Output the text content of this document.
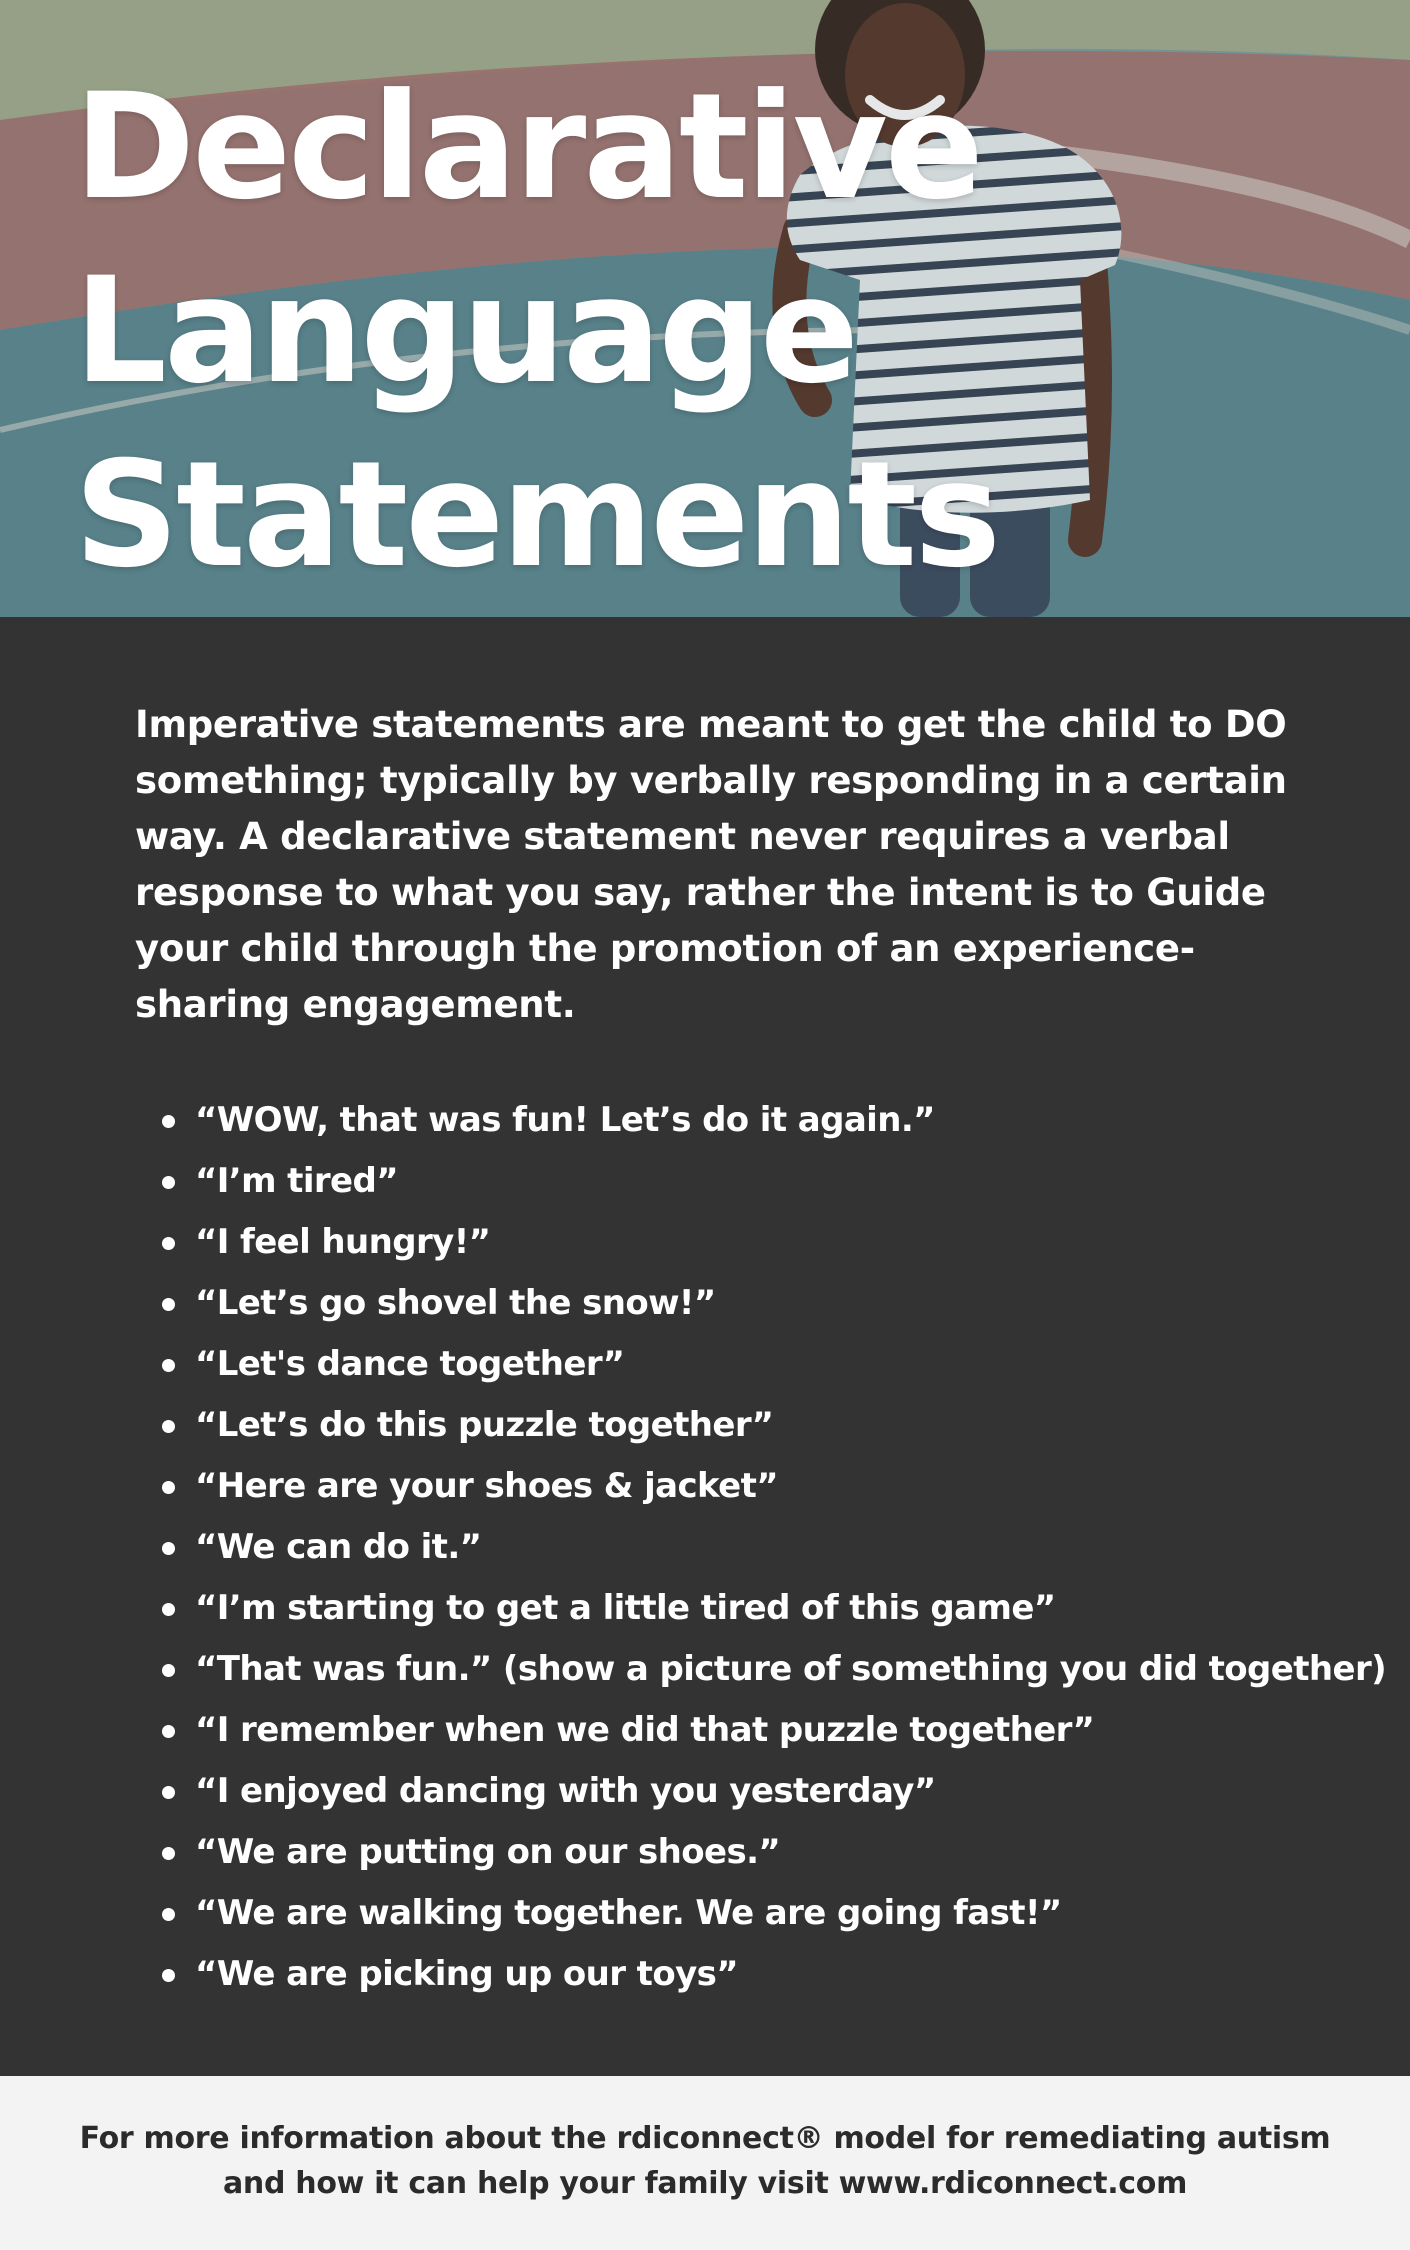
Declarative
Language
Statements

Imperative statements are meant to get the child to DO something; typically by verbally responding in a certain way. A declarative statement never requires a verbal response to what you say, rather the intent is to Guide your child through the promotion of an experience-sharing engagement.

“WOW, that was fun! Let’s do it again.”
“I’m tired”
“I feel hungry!”
“Let’s go shovel the snow!”
“Let's dance together”
“Let’s do this puzzle together”
“Here are your shoes & jacket”
“We can do it.”
“I’m starting to get a little tired of this game”
“That was fun.” (show a picture of something you did together)
“I remember when we did that puzzle together”
“I enjoyed dancing with you yesterday”
“We are putting on our shoes.”
“We are walking together. We are going fast!”
“We are picking up our toys”

For more information about the rdiconnect® model for remediating autism
and how it can help your family visit www.rdiconnect.com
